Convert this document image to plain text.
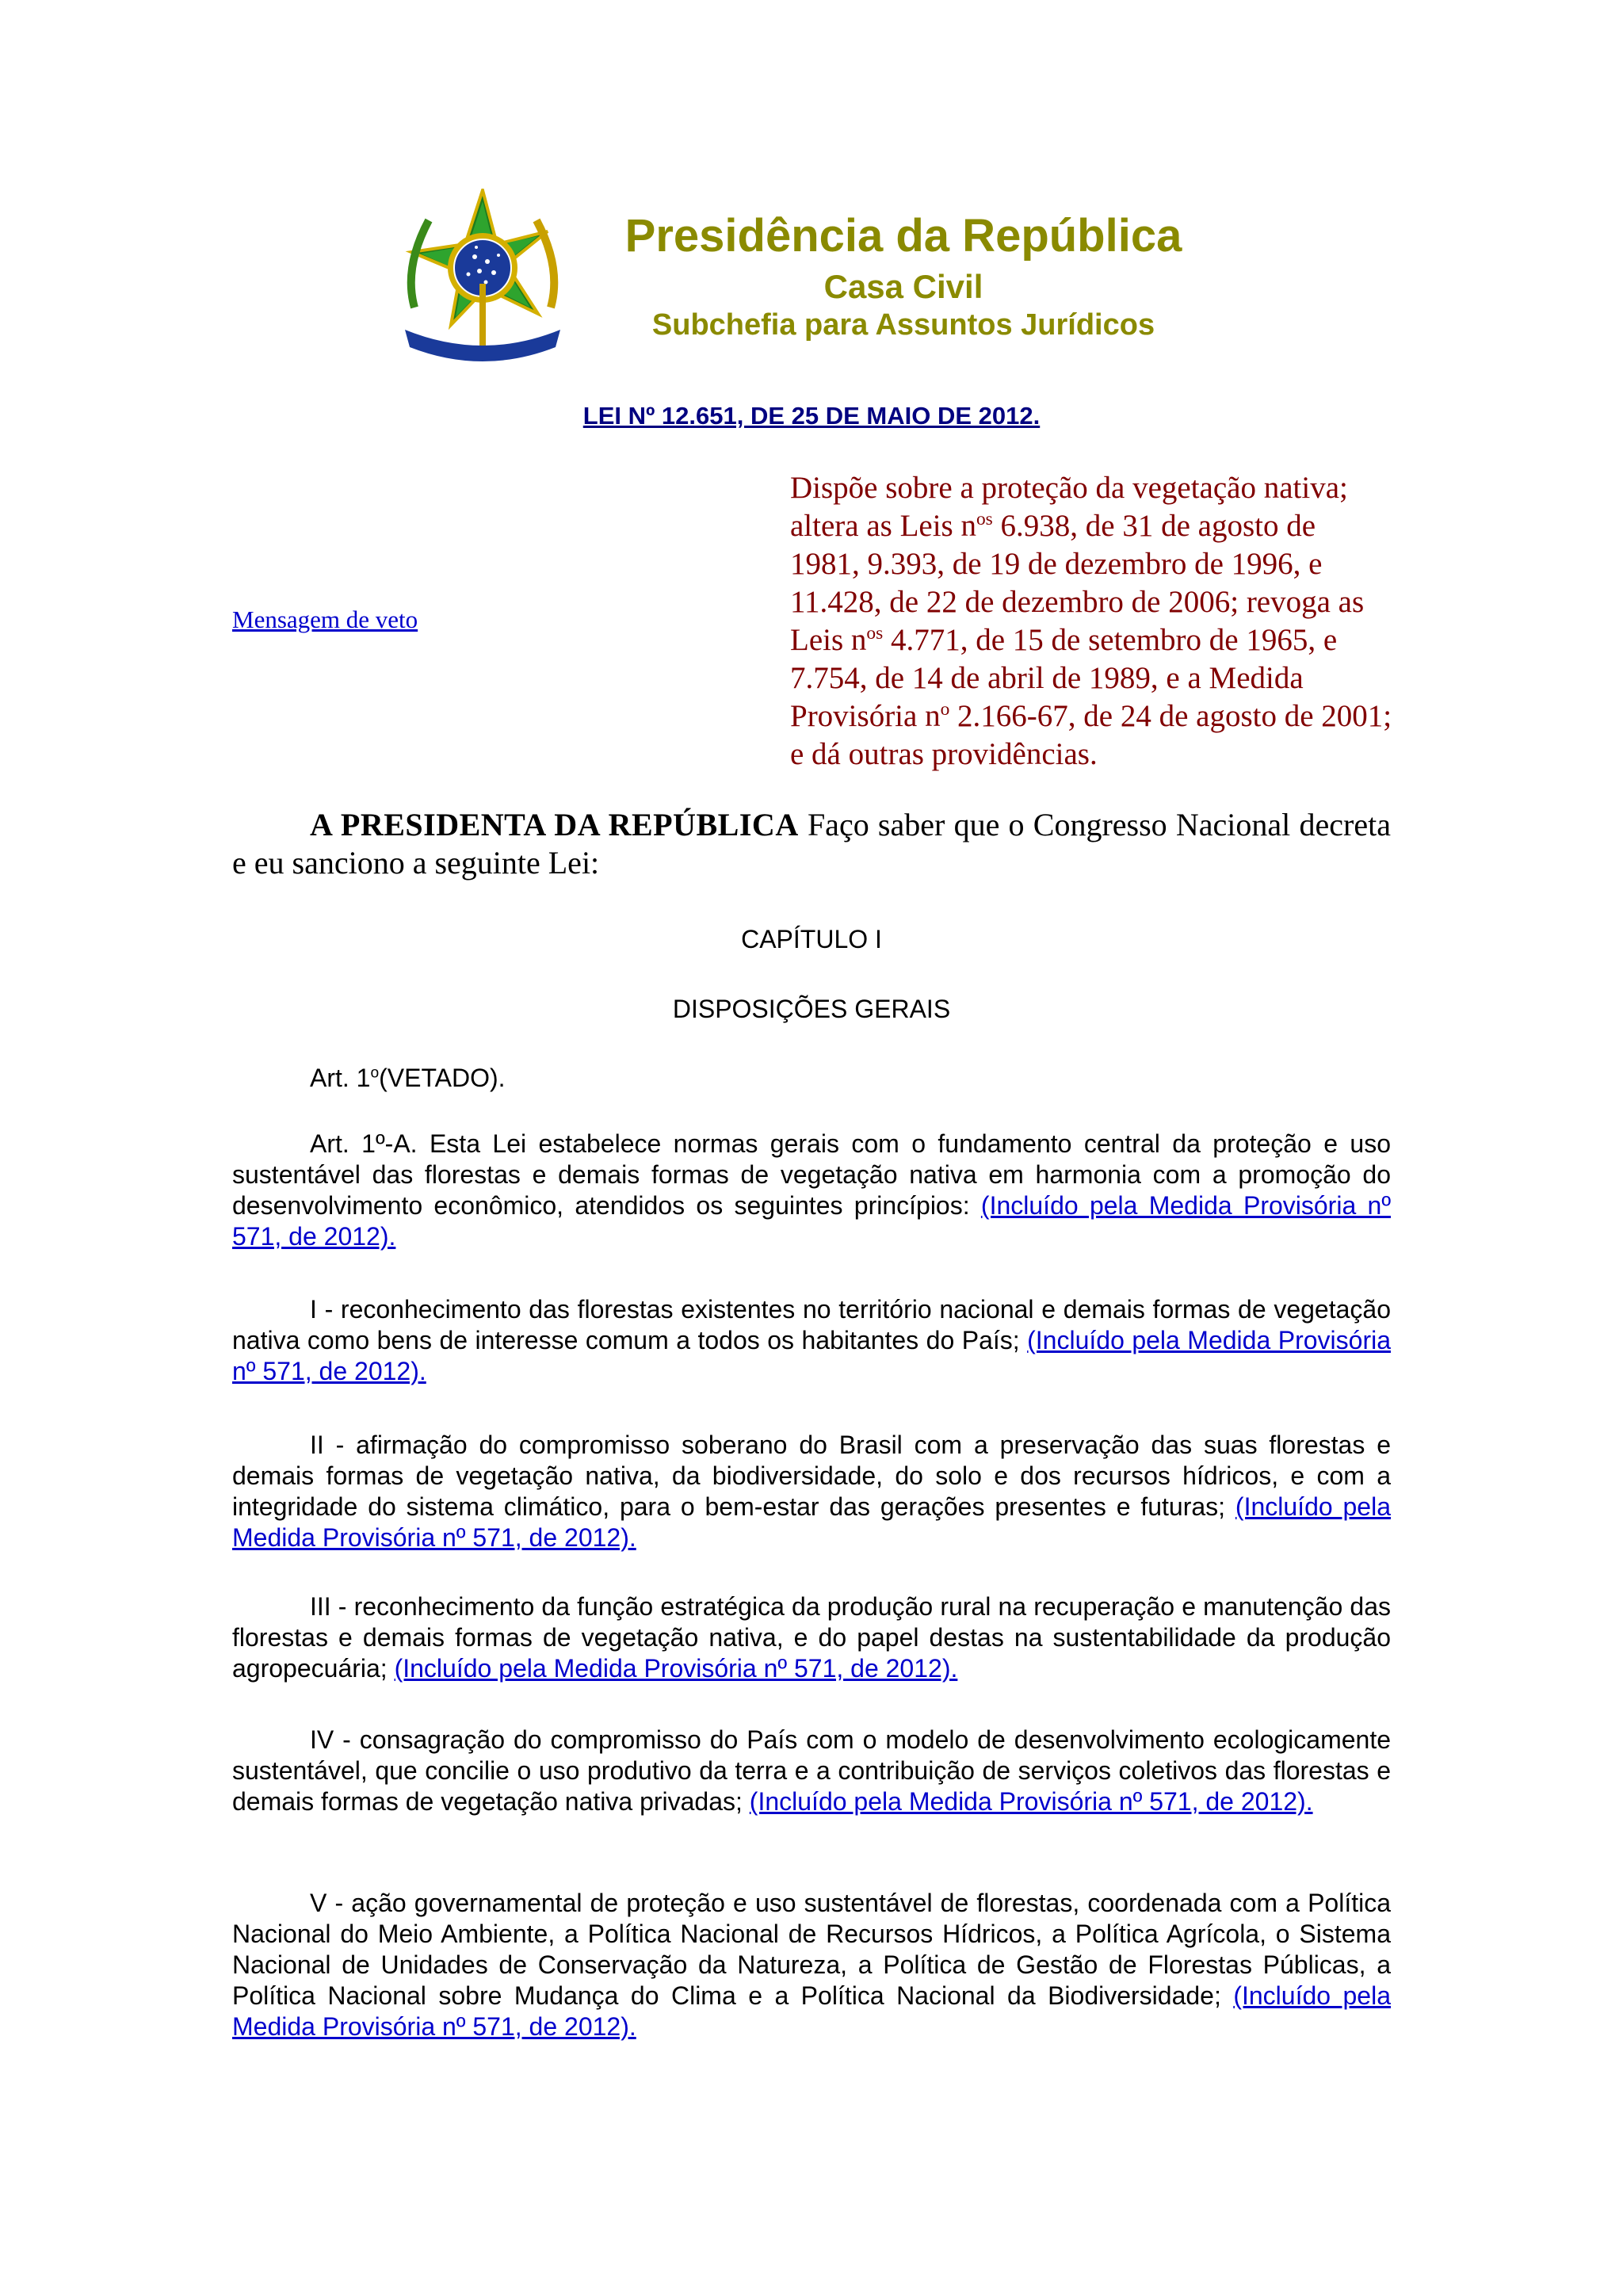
Presidência da República
Casa Civil
Subchefia para Assuntos Jurídicos
LEI Nº 12.651, DE 25 DE MAIO DE 2012.
Mensagem de veto
Dispõe sobre a proteção da vegetação nativa; altera as Leis $n^{os}$ 6.938, de 31 de agosto de 1981, 9.393, de 19 de dezembro de 1996, e 11.428, de 22 de dezembro de 2006; revoga as Leis $n^{os}$ 4.771, de 15 de setembro de 1965, e 7.754, de 14 de abril de 1989, e a Medida Provisória $n^o$ 2.166-67, de 24 de agosto de 2001; e dá outras providências.
A PRESIDENTA DA REPÚBLICA Faço saber que o Congresso Nacional decreta e eu sanciono a seguinte Lei:
CAPÍTULO I
DISPOSIÇÕES GERAIS
Art. 1$^o$(VETADO).
Art. 1º-A. Esta Lei estabelece normas gerais com o fundamento central da proteção e uso sustentável das florestas e demais formas de vegetação nativa em harmonia com a promoção do desenvolvimento econômico, atendidos os seguintes princípios: (Incluído pela Medida Provisória nº 571, de 2012).
I - reconhecimento das florestas existentes no território nacional e demais formas de vegetação nativa como bens de interesse comum a todos os habitantes do País; (Incluído pela Medida Provisória nº 571, de 2012).
II - afirmação do compromisso soberano do Brasil com a preservação das suas florestas e demais formas de vegetação nativa, da biodiversidade, do solo e dos recursos hídricos, e com a integridade do sistema climático, para o bem-estar das gerações presentes e futuras; (Incluído pela Medida Provisória nº 571, de 2012).
III - reconhecimento da função estratégica da produção rural na recuperação e manutenção das florestas e demais formas de vegetação nativa, e do papel destas na sustentabilidade da produção agropecuária; (Incluído pela Medida Provisória nº 571, de 2012).
IV - consagração do compromisso do País com o modelo de desenvolvimento ecologicamente sustentável, que concilie o uso produtivo da terra e a contribuição de serviços coletivos das florestas e demais formas de vegetação nativa privadas; (Incluído pela Medida Provisória nº 571, de 2012).
V - ação governamental de proteção e uso sustentável de florestas, coordenada com a Política Nacional do Meio Ambiente, a Política Nacional de Recursos Hídricos, a Política Agrícola, o Sistema Nacional de Unidades de Conservação da Natureza, a Política de Gestão de Florestas Públicas, a Política Nacional sobre Mudança do Clima e a Política Nacional da Biodiversidade; (Incluído pela Medida Provisória nº 571, de 2012).
